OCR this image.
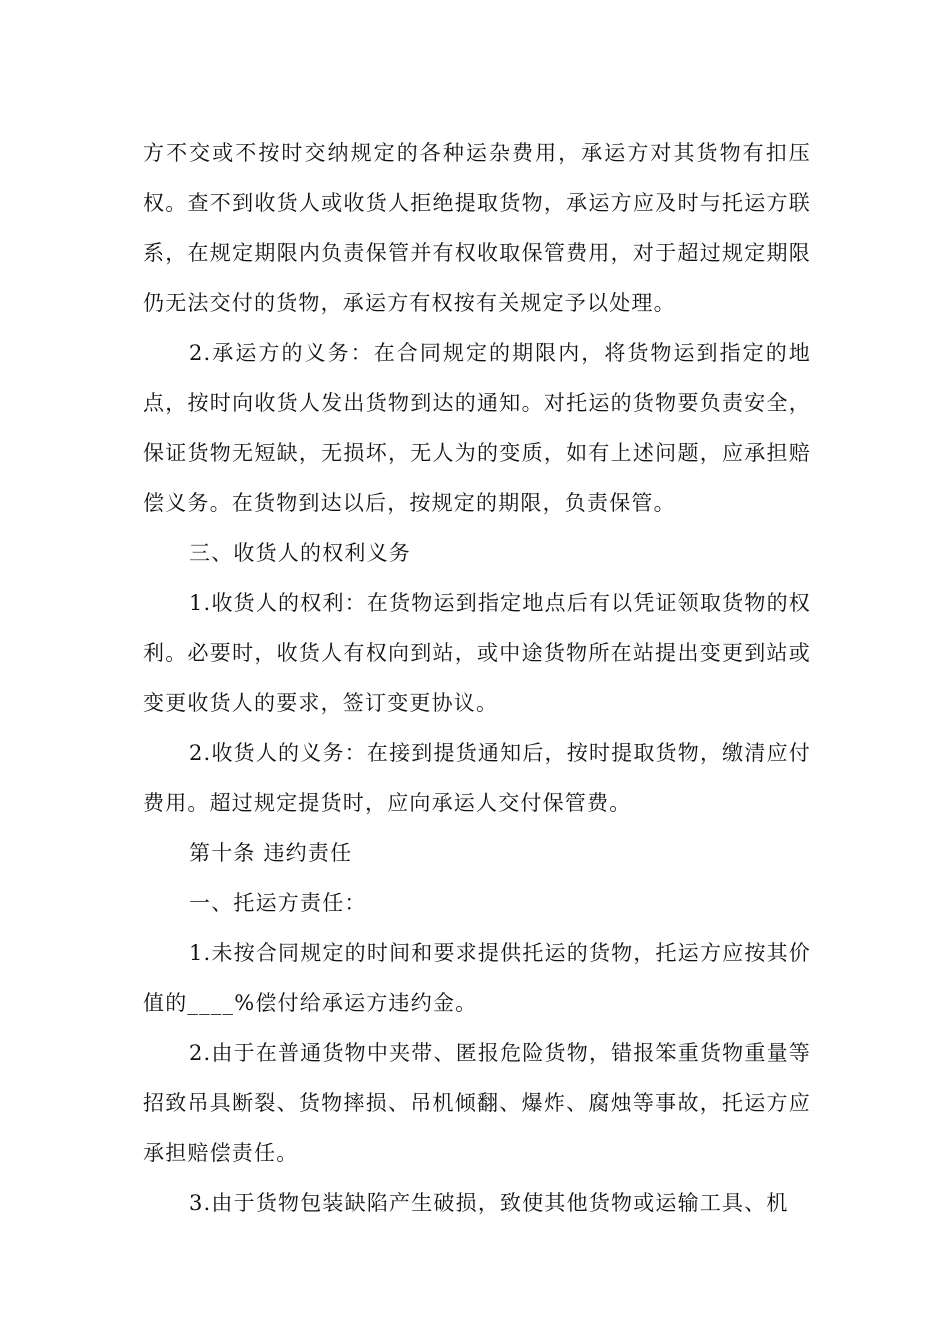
方不交或不按时交纳规定的各种运杂费用，承运方对其货物有扣压权。查不到收货人或收货人拒绝提取货物，承运方应及时与托运方联系，在规定期限内负责保管并有权收取保管费用，对于超过规定期限仍无法交付的货物，承运方有权按有关规定予以处理。

2.承运方的义务：在合同规定的期限内，将货物运到指定的地点，按时向收货人发出货物到达的通知。对托运的货物要负责安全，保证货物无短缺，无损坏，无人为的变质，如有上述问题，应承担赔偿义务。在货物到达以后，按规定的期限，负责保管。

三、收货人的权利义务

1.收货人的权利：在货物运到指定地点后有以凭证领取货物的权利。必要时，收货人有权向到站，或中途货物所在站提出变更到站或变更收货人的要求，签订变更协议。

2.收货人的义务：在接到提货通知后，按时提取货物，缴清应付费用。超过规定提货时，应向承运人交付保管费。

第十条 违约责任

一、托运方责任：

1.未按合同规定的时间和要求提供托运的货物，托运方应按其价值的____%偿付给承运方违约金。

2.由于在普通货物中夹带、匿报危险货物，错报笨重货物重量等招致吊具断裂、货物摔损、吊机倾翻、爆炸、腐烛等事故，托运方应承担赔偿责任。

3.由于货物包装缺陷产生破损，致使其他货物或运输工具、机
